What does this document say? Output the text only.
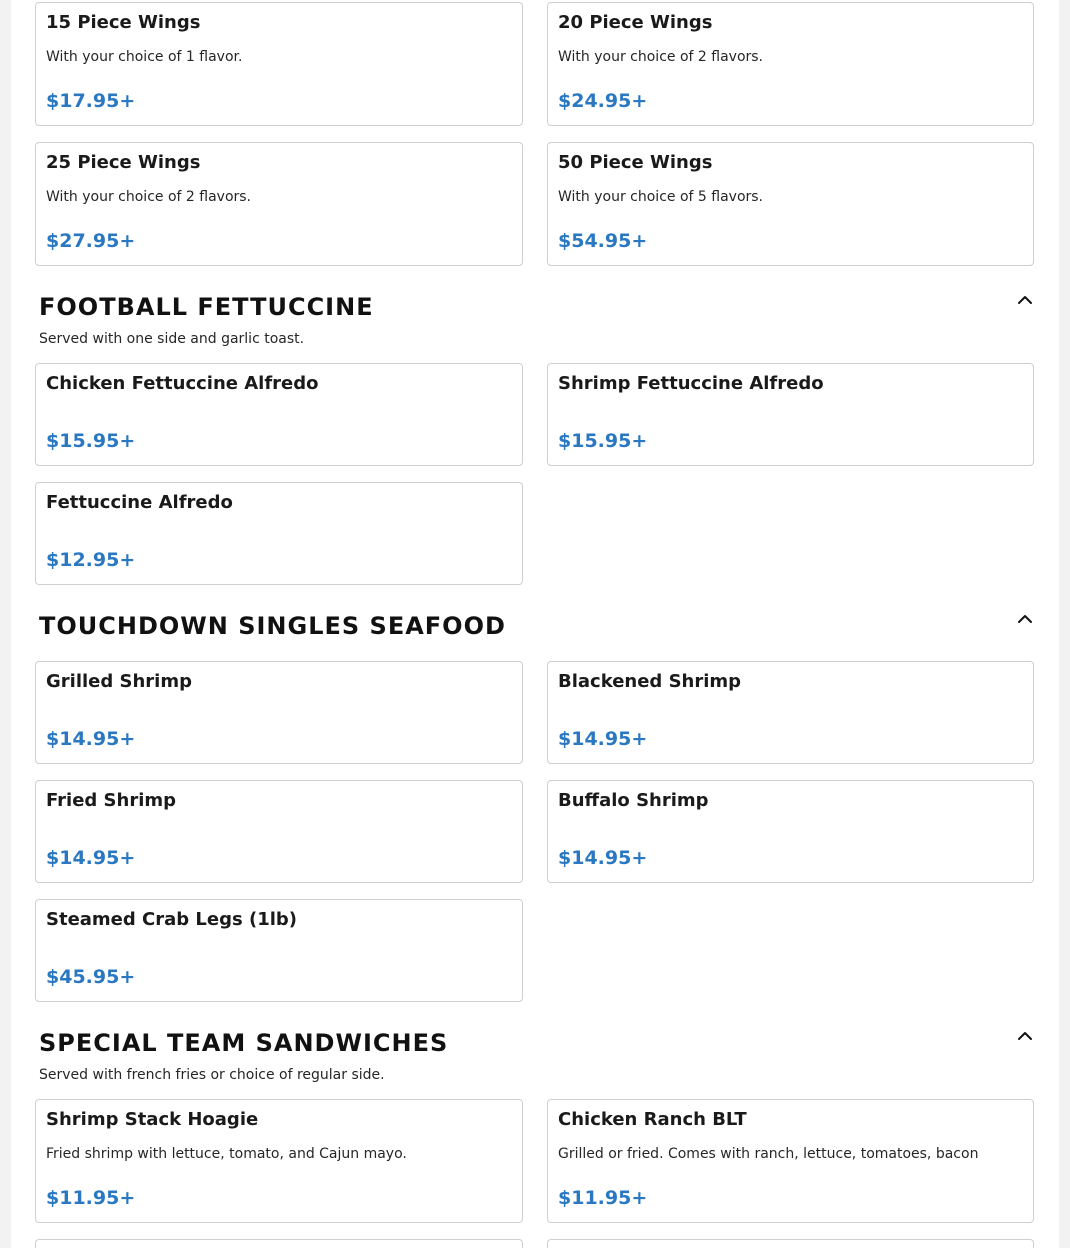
15 Piece Wings
With your choice of 1 flavor.
$17.95+
20 Piece Wings
With your choice of 2 flavors.
$24.95+
25 Piece Wings
With your choice of 2 flavors.
$27.95+
50 Piece Wings
With your choice of 5 flavors.
$54.95+
FOOTBALL FETTUCCINE
Served with one side and garlic toast.
Chicken Fettuccine Alfredo
$15.95+
Shrimp Fettuccine Alfredo
$15.95+
Fettuccine Alfredo
$12.95+
TOUCHDOWN SINGLES SEAFOOD
Grilled Shrimp
$14.95+
Blackened Shrimp
$14.95+
Fried Shrimp
$14.95+
Buffalo Shrimp
$14.95+
Steamed Crab Legs (1lb)
$45.95+
SPECIAL TEAM SANDWICHES
Served with french fries or choice of regular side.
Shrimp Stack Hoagie
Fried shrimp with lettuce, tomato, and Cajun mayo.
$11.95+
Chicken Ranch BLT
Grilled or fried. Comes with ranch, lettuce, tomatoes, bacon
$11.95+
